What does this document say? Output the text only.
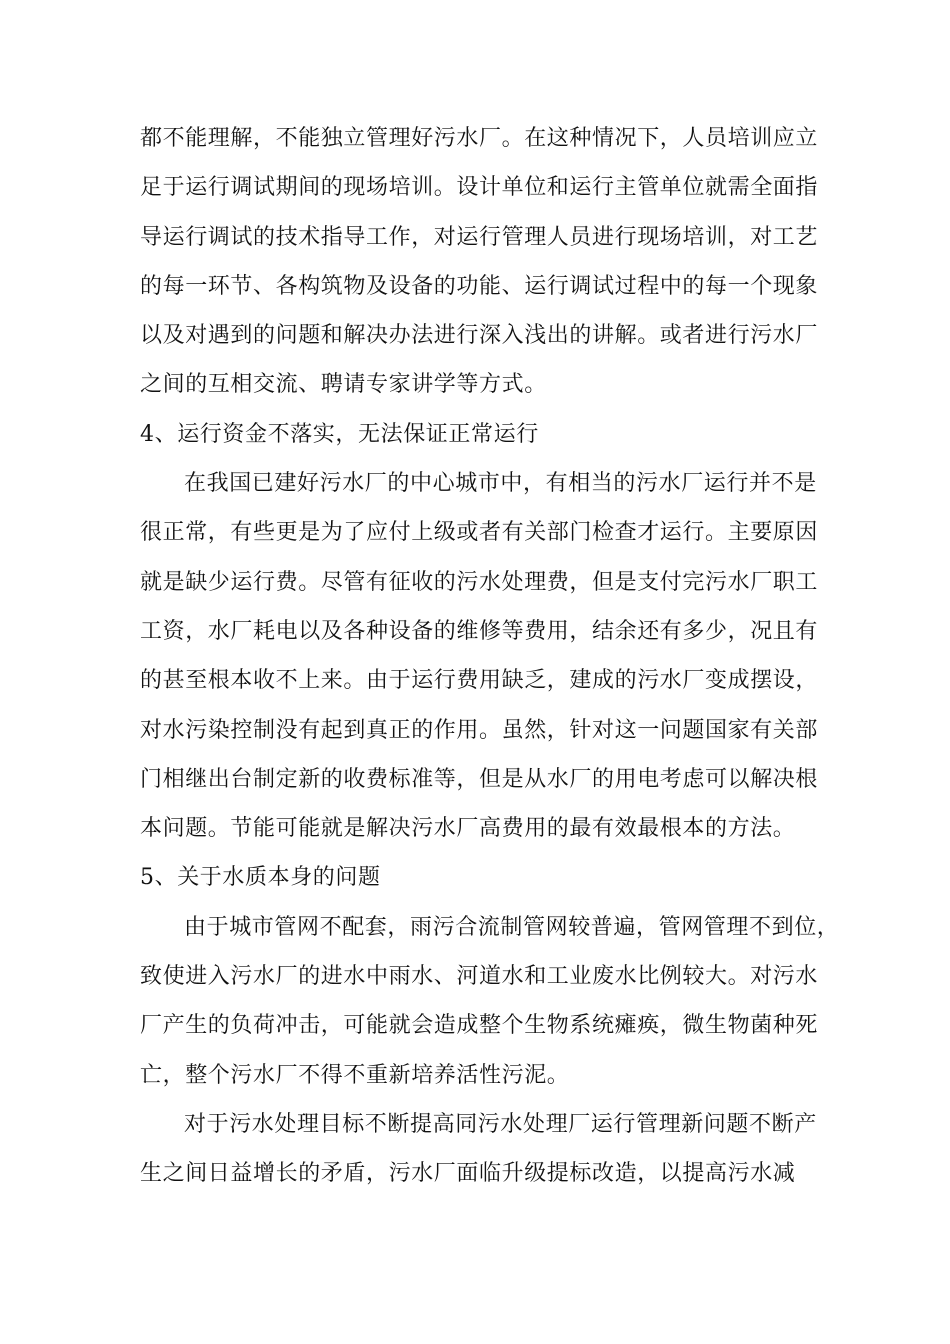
都不能理解，不能独立管理好污水厂。在这种情况下，人员培训应立
足于运行调试期间的现场培训。设计单位和运行主管单位就需全面指
导运行调试的技术指导工作，对运行管理人员进行现场培训，对工艺
的每一环节、各构筑物及设备的功能、运行调试过程中的每一个现象
以及对遇到的问题和解决办法进行深入浅出的讲解。或者进行污水厂
之间的互相交流、聘请专家讲学等方式。
4、运行资金不落实，无法保证正常运行
在我国已建好污水厂的中心城市中，有相当的污水厂运行并不是
很正常，有些更是为了应付上级或者有关部门检查才运行。主要原因
就是缺少运行费。尽管有征收的污水处理费，但是支付完污水厂职工
工资，水厂耗电以及各种设备的维修等费用，结余还有多少，况且有
的甚至根本收不上来。由于运行费用缺乏，建成的污水厂变成摆设，
对水污染控制没有起到真正的作用。虽然，针对这一问题国家有关部
门相继出台制定新的收费标准等，但是从水厂的用电考虑可以解决根
本问题。节能可能就是解决污水厂高费用的最有效最根本的方法。
5、关于水质本身的问题
由于城市管网不配套，雨污合流制管网较普遍，管网管理不到位，
致使进入污水厂的进水中雨水、河道水和工业废水比例较大。对污水
厂产生的负荷冲击，可能就会造成整个生物系统瘫痪，微生物菌种死
亡，整个污水厂不得不重新培养活性污泥。
对于污水处理目标不断提高同污水处理厂运行管理新问题不断产
生之间日益增长的矛盾，污水厂面临升级提标改造，以提高污水减
